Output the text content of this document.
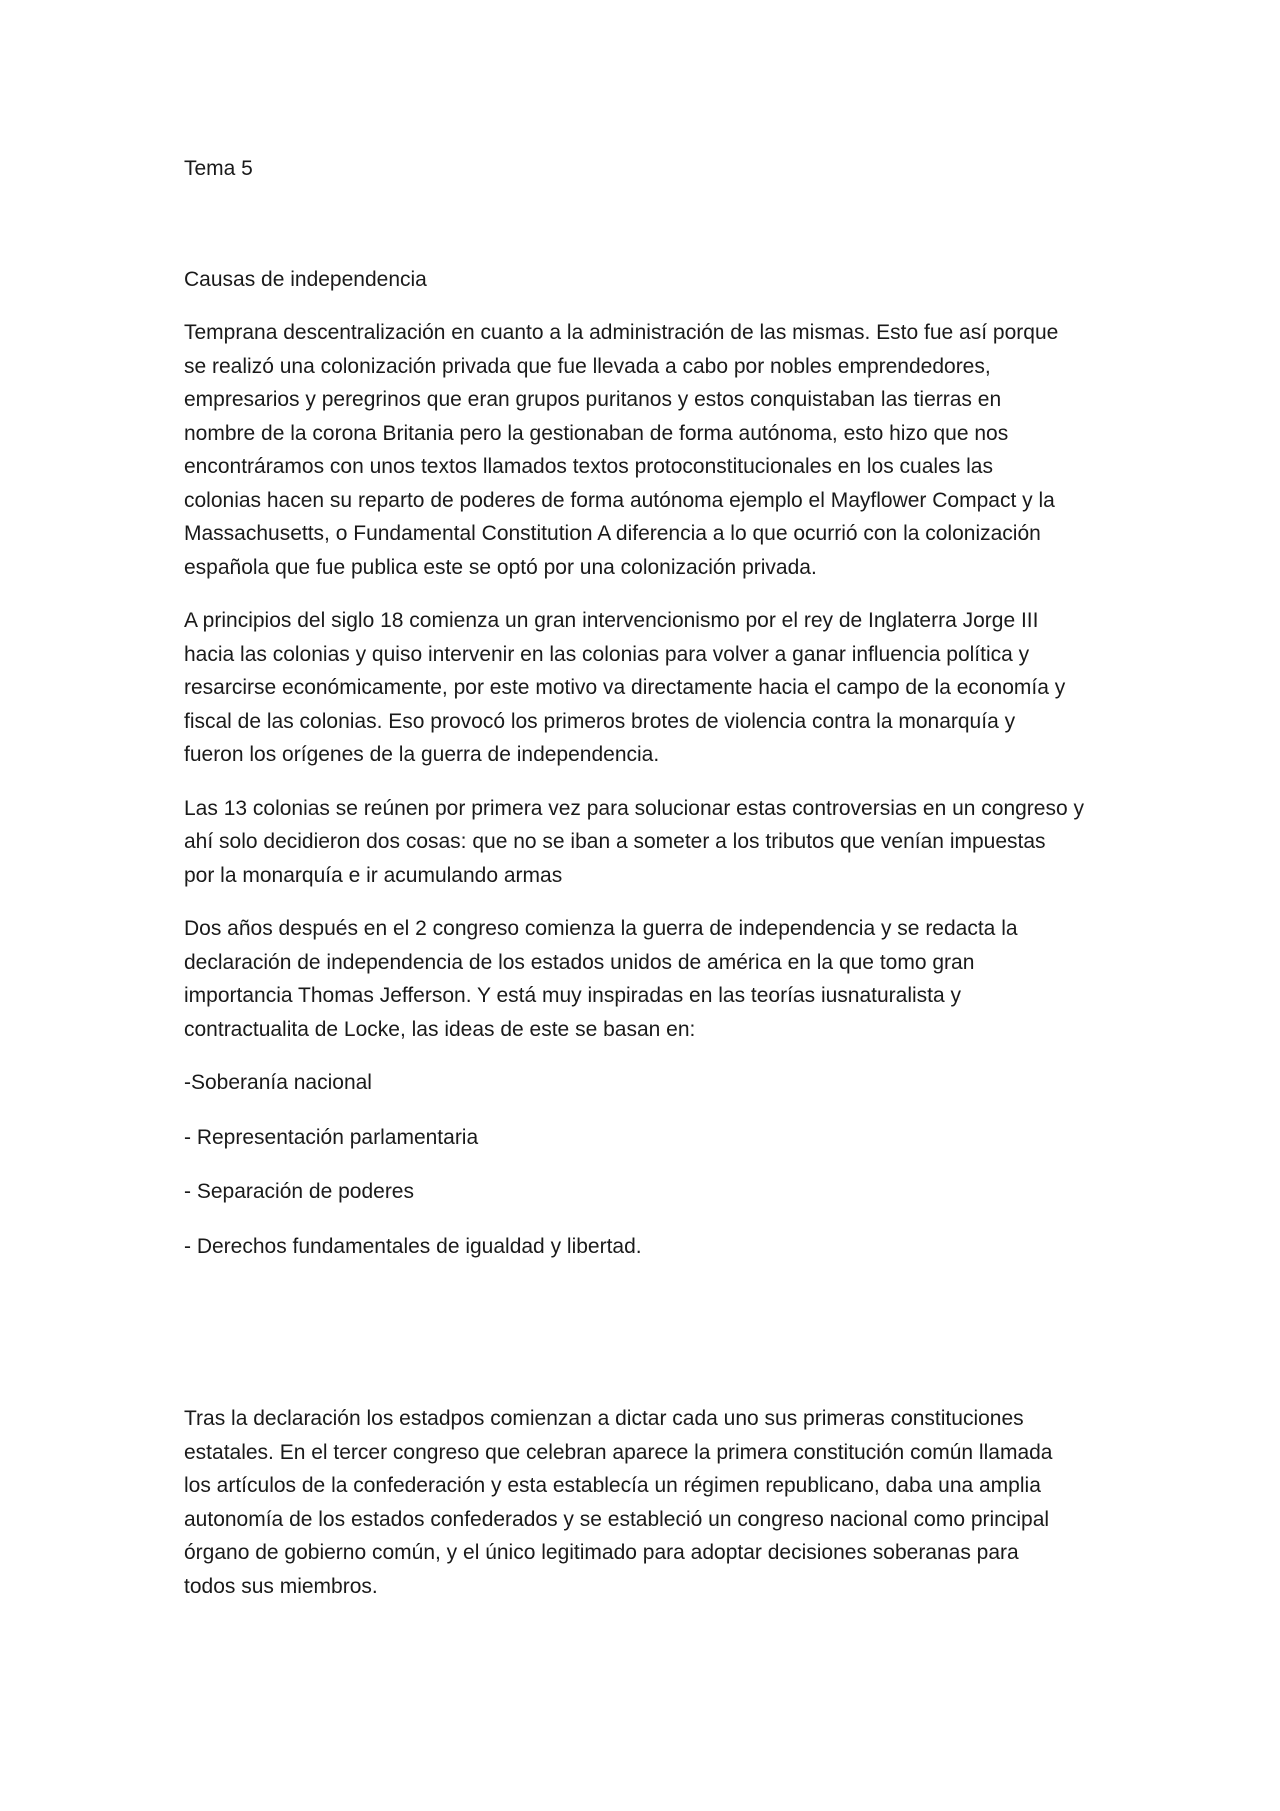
Tema 5

Causas de independencia

Temprana descentralización en cuanto a la administración de las mismas. Esto fue así porque
se realizó una colonización privada que fue llevada a cabo por nobles emprendedores,
empresarios y peregrinos que eran grupos puritanos y estos conquistaban las tierras en
nombre de la corona Britania pero la gestionaban de forma autónoma, esto hizo que nos
encontráramos con unos textos llamados textos protoconstitucionales en los cuales las
colonias hacen su reparto de poderes de forma autónoma ejemplo el Mayflower Compact y la
Massachusetts, o Fundamental Constitution A diferencia a lo que ocurrió con la colonización
española que fue publica este se optó por una colonización privada.
A principios del siglo 18 comienza un gran intervencionismo por el rey de Inglaterra Jorge III
hacia las colonias y quiso intervenir en las colonias para volver a ganar influencia política y
resarcirse económicamente, por este motivo va directamente hacia el campo de la economía y
fiscal de las colonias. Eso provocó los primeros brotes de violencia contra la monarquía y
fueron los orígenes de la guerra de independencia.
Las 13 colonias se reúnen por primera vez para solucionar estas controversias en un congreso y
ahí solo decidieron dos cosas: que no se iban a someter a los tributos que venían impuestas
por la monarquía e ir acumulando armas
Dos años después en el 2 congreso comienza la guerra de independencia y se redacta la
declaración de independencia de los estados unidos de américa en la que tomo gran
importancia Thomas Jefferson. Y está muy inspiradas en las teorías iusnaturalista y
contractualita de Locke, las ideas de este se basan en:

-Soberanía nacional

- Representación parlamentaria

- Separación de poderes

- Derechos fundamentales de igualdad y libertad.

Tras la declaración los estadpos comienzan a dictar cada uno sus primeras constituciones
estatales. En el tercer congreso que celebran aparece la primera constitución común llamada
los artículos de la confederación y esta establecía un régimen republicano, daba una amplia
autonomía de los estados confederados y se estableció un congreso nacional como principal
órgano de gobierno común, y el único legitimado para adoptar decisiones soberanas para
todos sus miembros.
